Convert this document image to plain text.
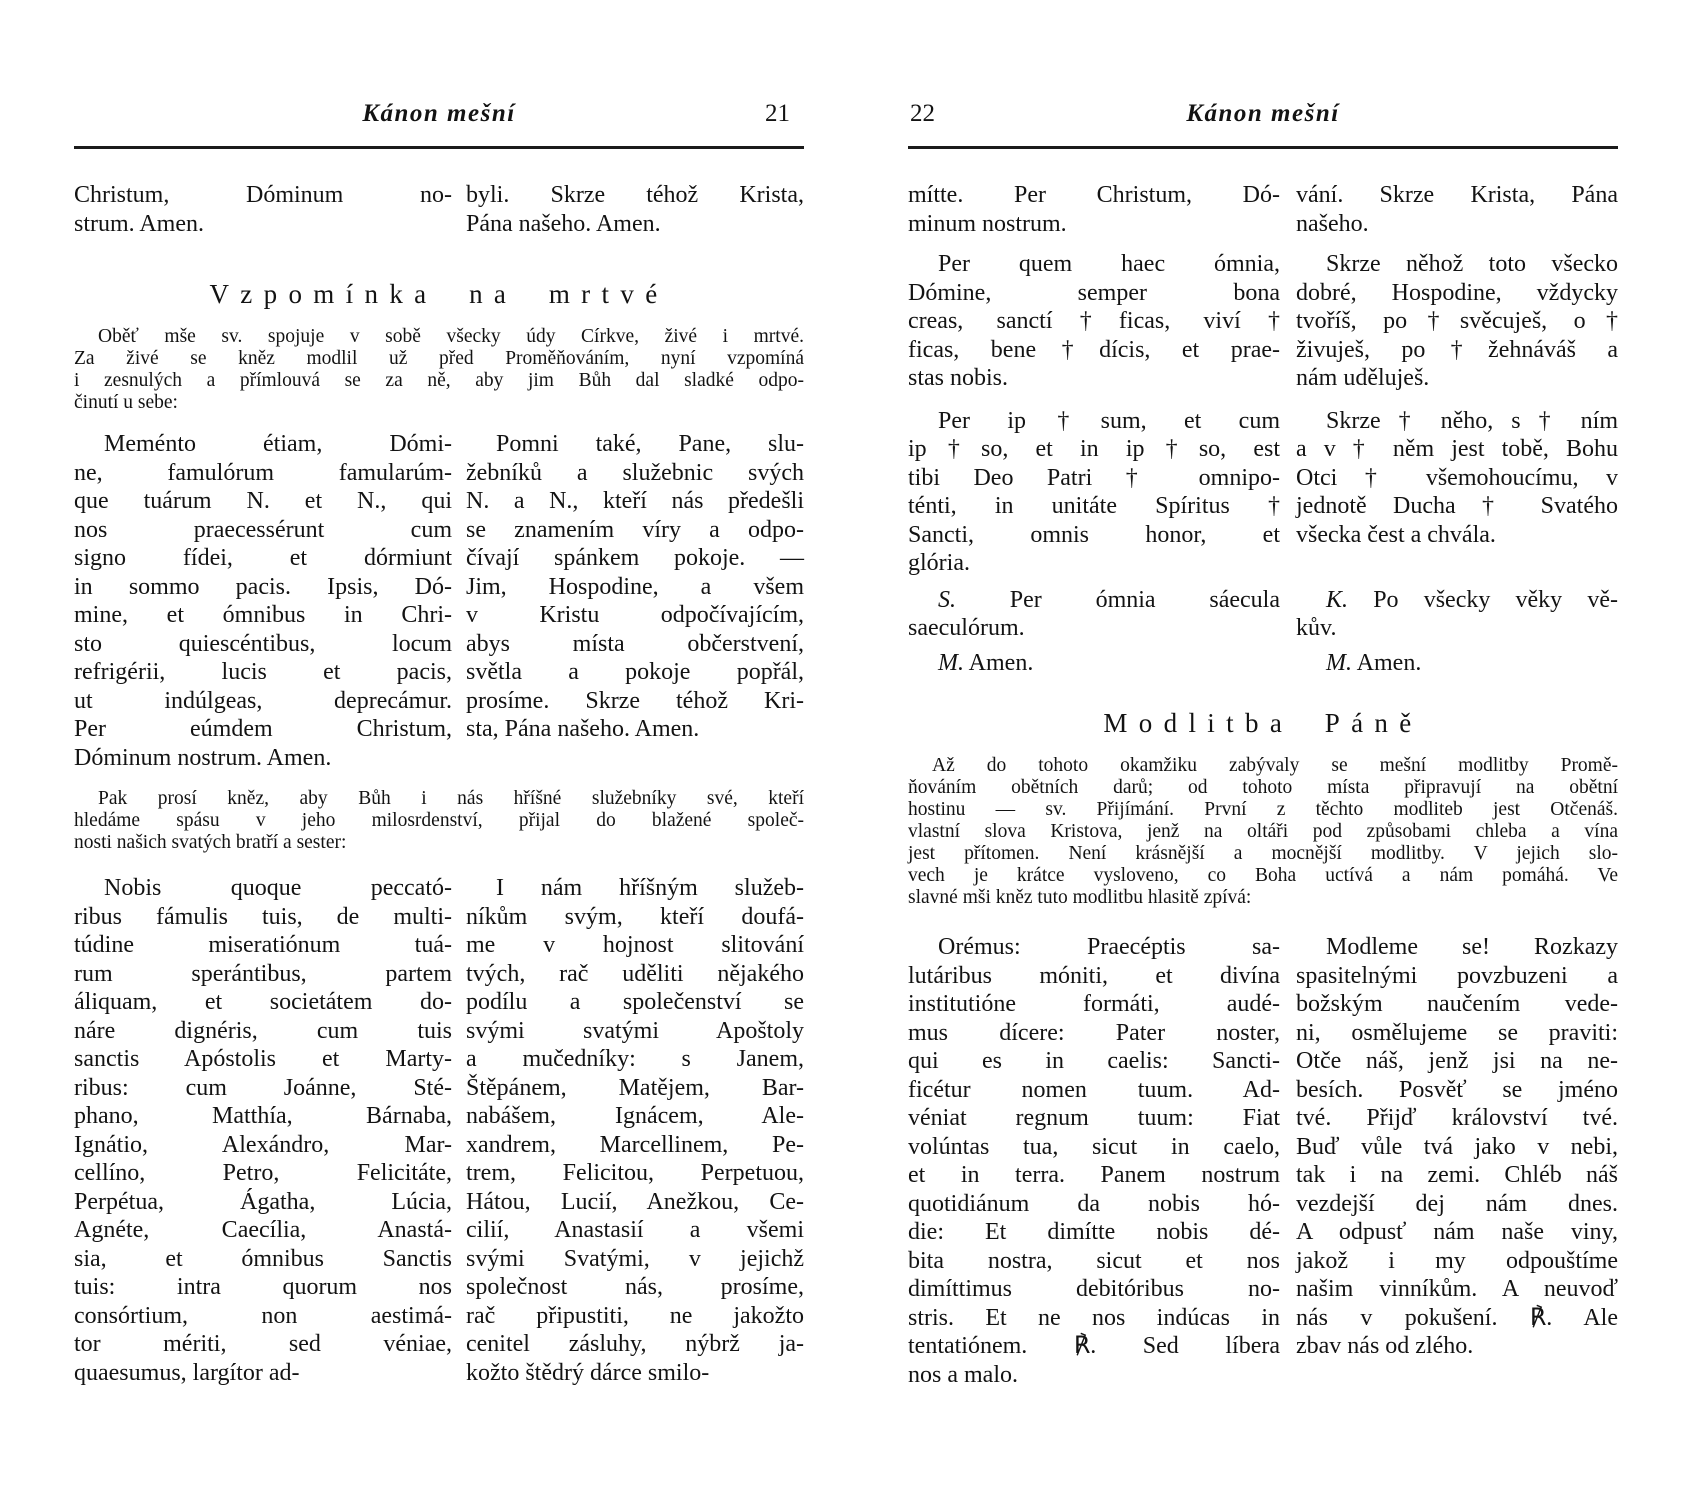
Kánon mešní	21
Christum, Dóminum no-
strum. Amen.
byli. Skrze téhož Krista,
Pána našeho. Amen.
Vzpomínka na mrtvé
Oběť mše sv. spojuje v sobě všecky údy Církve, živé i mrtvé.
Za živé se kněz modlil už před Proměňováním, nyní vzpomíná
i zesnulých a přímlouvá se za ně, aby jim Bůh dal sladké odpo-
činutí u sebe:
Meménto étiam, Dómi-
ne, famulórum famularúm-
que tuárum N. et N., qui
nos praecessérunt cum
signo fídei, et dórmiunt
in sommo pacis. Ipsis, Dó-
mine, et ómnibus in Chri-
sto quiescéntibus, locum
refrigérii, lucis et pacis,
ut indúlgeas, deprecámur.
Per eúmdem Christum,
Dóminum nostrum. Amen.
Pomni také, Pane, slu-
žebníků a služebnic svých
N. a N., kteří nás předešli
se znamením víry a odpo-
čívají spánkem pokoje. —
Jim, Hospodine, a všem
v Kristu odpočívajícím,
abys místa občerstvení,
světla a pokoje popřál,
prosíme. Skrze téhož Kri-
sta, Pána našeho. Amen.
Pak prosí kněz, aby Bůh i nás hříšné služebníky své, kteří
hledáme spásu v jeho milosrdenství, přijal do blažené společ-
nosti našich svatých bratří a sester:
Nobis quoque peccató-
ribus fámulis tuis, de multi-
túdine miseratiónum tuá-
rum sperántibus, partem
áliquam, et societátem do-
náre dignéris, cum tuis
sanctis Apóstolis et Marty-
ribus: cum Joánne, Sté-
phano, Matthía, Bárnaba,
Ignátio, Alexándro, Mar-
cellíno, Petro, Felicitáte,
Perpétua, Ágatha, Lúcia,
Agnéte, Caecília, Anastá-
sia, et ómnibus Sanctis
tuis: intra quorum nos
consórtium, non aestimá-
tor mériti, sed véniae,
quaesumus, largítor ad-
I nám hříšným služeb-
níkům svým, kteří doufá-
me v hojnost slitování
tvých, rač uděliti nějakého
podílu a společenství se
svými svatými Apoštoly
a mučedníky: s Janem,
Štěpánem, Matějem, Bar-
nabášem, Ignácem, Ale-
xandrem, Marcellinem, Pe-
trem, Felicitou, Perpetuou,
Hátou, Lucií, Anežkou, Ce-
cilií, Anastasií a všemi
svými Svatými, v jejichž
společnost nás, prosíme,
rač připustiti, ne jakožto
cenitel zásluhy, nýbrž ja-
kožto štědrý dárce smilo-
22	Kánon mešní
mítte. Per Christum, Dó-
minum nostrum.
vání. Skrze Krista, Pána
našeho.
Per quem haec ómnia,
Dómine, semper bona
creas, sanctí†ficas, viví†
ficas, bene†dícis, et prae-
stas nobis.
Skrze něhož toto všecko
dobré, Hospodine, vždycky
tvoříš, po†svěcuješ, o†
živuješ, po†žehnáváš a
nám uděluješ.
Per ip†sum, et cum
ip†so, et in ip†so, est
tibi Deo Patri † omnipo-
ténti, in unitáte Spíritus †
Sancti, omnis honor, et
glória.
Skrze † něho, s † ním
a v † něm jest tobě, Bohu
Otci † všemohoucímu, v
jednotě Ducha † Svatého
všecka čest a chvála.
S. Per ómnia sáecula
saeculórum.
K. Po všecky věky vě-
kův.
M. Amen.	M. Amen.
Modlitba Páně
Až do tohoto okamžiku zabývaly se mešní modlitby Promě-
ňováním obětních darů; od tohoto místa připravují na obětní
hostinu — sv. Přijímání. První z těchto modliteb jest Otčenáš.
vlastní slova Kristova, jenž na oltáři pod způsobami chleba a vína
jest přítomen. Není krásnější a mocnější modlitby. V jejich slo-
vech je krátce vysloveno, co Boha uctívá a nám pomáhá. Ve
slavné mši kněz tuto modlitbu hlasitě zpívá:
Orémus: Praecéptis sa-
lutáribus móniti, et divína
institutióne formáti, audé-
mus dícere: Pater noster,
qui es in caelis: Sancti-
ficétur nomen tuum. Ad-
véniat regnum tuum: Fiat
volúntas tua, sicut in caelo,
et in terra. Panem nostrum
quotidiánum da nobis hó-
die: Et dimítte nobis dé-
bita nostra, sicut et nos
dimíttimus debitóribus no-
stris. Et ne nos indúcas in
tentatiónem. ℟. Sed líbera
nos a malo.
Modleme se! Rozkazy
spasitelnými povzbuzeni a
božským naučením vede-
ni, osmělujeme se praviti:
Otče náš, jenž jsi na ne-
besích. Posvěť se jméno
tvé. Přijď království tvé.
Buď vůle tvá jako v nebi,
tak i na zemi. Chléb náš
vezdejší dej nám dnes.
A odpusť nám naše viny,
jakož i my odpouštíme
našim vinníkům. A neuvoď
nás v pokušení. ℟. Ale
zbav nás od zlého.
